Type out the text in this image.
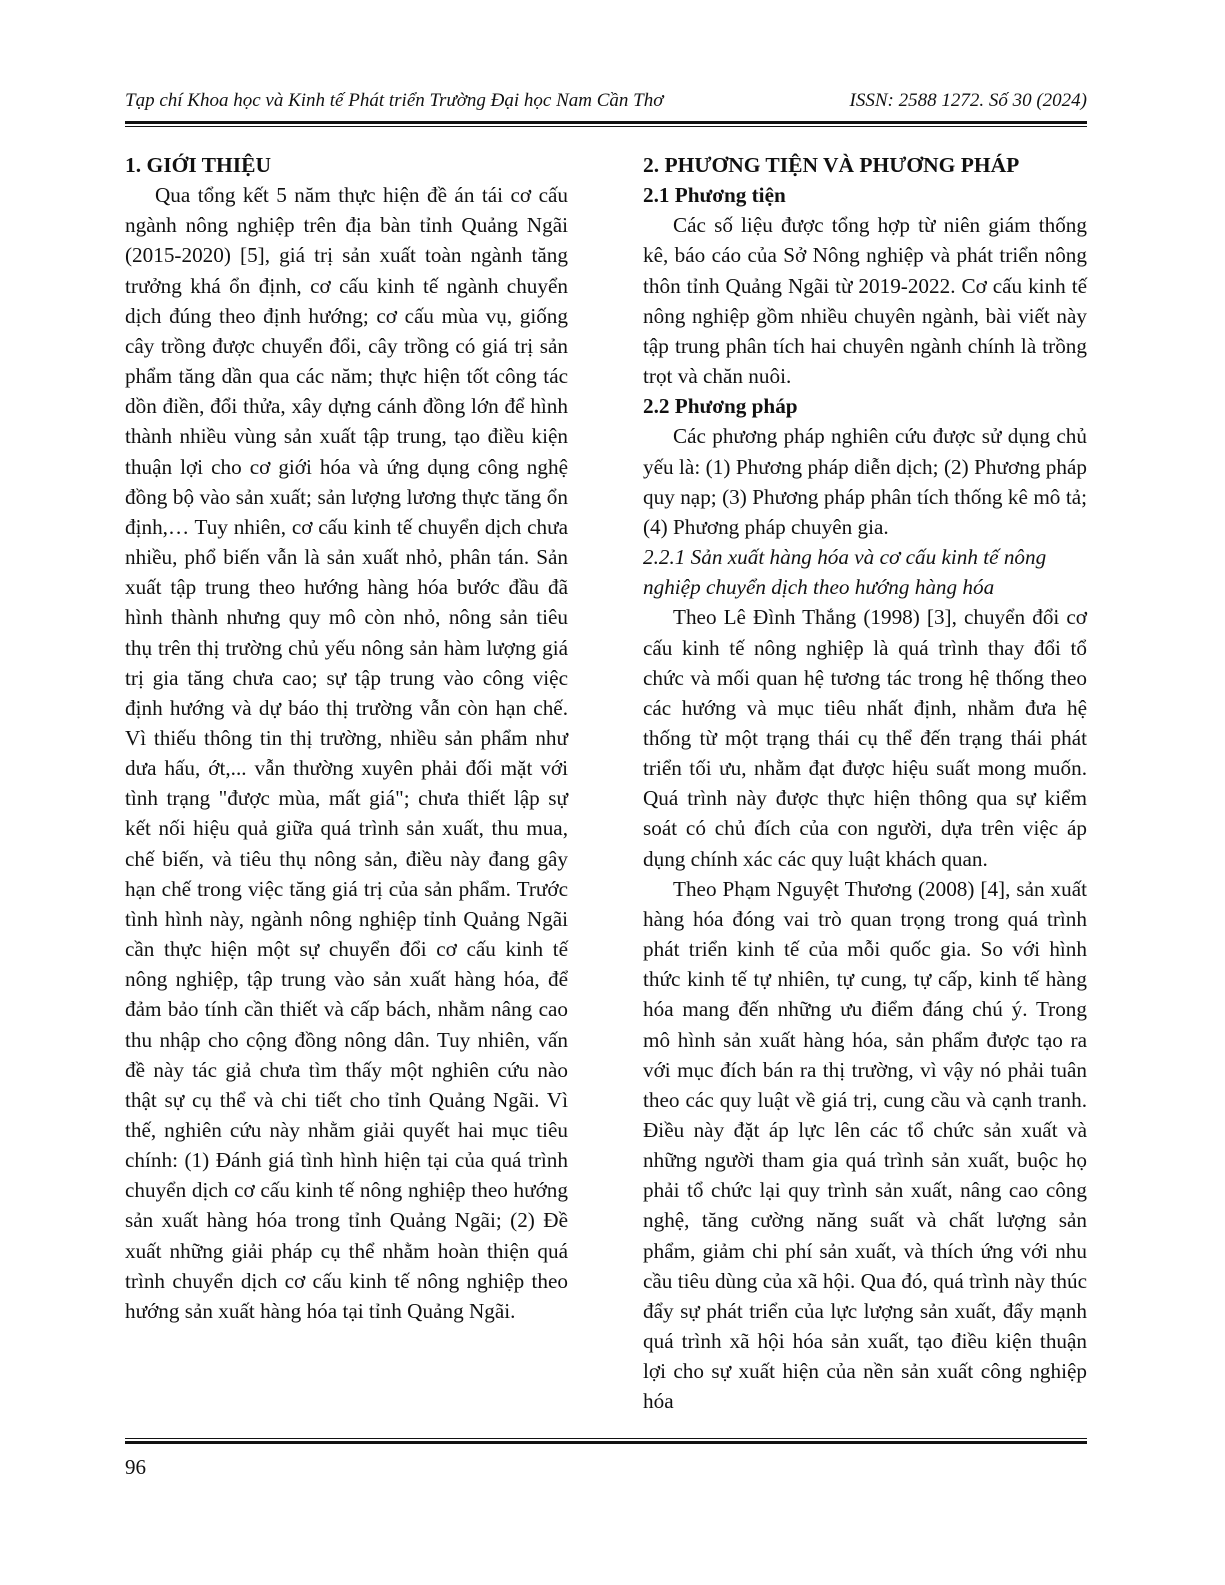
Tạp chí Khoa học và Kinh tế Phát triển Trường Đại học Nam Cần Thơ	ISSN: 2588 1272. Số 30 (2024)
1. GIỚI THIỆU

Qua tổng kết 5 năm thực hiện đề án tái cơ cấu ngành nông nghiệp trên địa bàn tỉnh Quảng Ngãi (2015-2020) [5], giá trị sản xuất toàn ngành tăng trưởng khá ổn định, cơ cấu kinh tế ngành chuyển dịch đúng theo định hướng; cơ cấu mùa vụ, giống cây trồng được chuyển đổi, cây trồng có giá trị sản phẩm tăng dần qua các năm; thực hiện tốt công tác dồn điền, đổi thửa, xây dựng cánh đồng lớn để hình thành nhiều vùng sản xuất tập trung, tạo điều kiện thuận lợi cho cơ giới hóa và ứng dụng công nghệ đồng bộ vào sản xuất; sản lượng lương thực tăng ổn định,… Tuy nhiên, cơ cấu kinh tế chuyển dịch chưa nhiều, phổ biến vẫn là sản xuất nhỏ, phân tán. Sản xuất tập trung theo hướng hàng hóa bước đầu đã hình thành nhưng quy mô còn nhỏ, nông sản tiêu thụ trên thị trường chủ yếu nông sản hàm lượng giá trị gia tăng chưa cao; sự tập trung vào công việc định hướng và dự báo thị trường vẫn còn hạn chế. Vì thiếu thông tin thị trường, nhiều sản phẩm như dưa hấu, ớt,... vẫn thường xuyên phải đối mặt với tình trạng "được mùa, mất giá"; chưa thiết lập sự kết nối hiệu quả giữa quá trình sản xuất, thu mua, chế biến, và tiêu thụ nông sản, điều này đang gây hạn chế trong việc tăng giá trị của sản phẩm. Trước tình hình này, ngành nông nghiệp tỉnh Quảng Ngãi cần thực hiện một sự chuyển đổi cơ cấu kinh tế nông nghiệp, tập trung vào sản xuất hàng hóa, để đảm bảo tính cần thiết và cấp bách, nhằm nâng cao thu nhập cho cộng đồng nông dân. Tuy nhiên, vấn đề này tác giả chưa tìm thấy một nghiên cứu nào thật sự cụ thể và chi tiết cho tỉnh Quảng Ngãi. Vì thế, nghiên cứu này nhằm giải quyết hai mục tiêu chính: (1) Đánh giá tình hình hiện tại của quá trình chuyển dịch cơ cấu kinh tế nông nghiệp theo hướng sản xuất hàng hóa trong tỉnh Quảng Ngãi; (2) Đề xuất những giải pháp cụ thể nhằm hoàn thiện quá trình chuyển dịch cơ cấu kinh tế nông nghiệp theo hướng sản xuất hàng hóa tại tỉnh Quảng Ngãi.

2. PHƯƠNG TIỆN VÀ PHƯƠNG PHÁP
2.1 Phương tiện

Các số liệu được tổng hợp từ niên giám thống kê, báo cáo của Sở Nông nghiệp và phát triển nông thôn tỉnh Quảng Ngãi từ 2019-2022. Cơ cấu kinh tế nông nghiệp gồm nhiều chuyên ngành, bài viết này tập trung phân tích hai chuyên ngành chính là trồng trọt và chăn nuôi.

2.2 Phương pháp

Các phương pháp nghiên cứu được sử dụng chủ yếu là: (1) Phương pháp diễn dịch; (2) Phương pháp quy nạp; (3) Phương pháp phân tích thống kê mô tả; (4) Phương pháp chuyên gia.

2.2.1 Sản xuất hàng hóa và cơ cấu kinh tế nông nghiệp chuyển dịch theo hướng hàng hóa

Theo Lê Đình Thắng (1998) [3], chuyển đổi cơ cấu kinh tế nông nghiệp là quá trình thay đổi tổ chức và mối quan hệ tương tác trong hệ thống theo các hướng và mục tiêu nhất định, nhằm đưa hệ thống từ một trạng thái cụ thể đến trạng thái phát triển tối ưu, nhằm đạt được hiệu suất mong muốn. Quá trình này được thực hiện thông qua sự kiểm soát có chủ đích của con người, dựa trên việc áp dụng chính xác các quy luật khách quan.

Theo Phạm Nguyệt Thương (2008) [4], sản xuất hàng hóa đóng vai trò quan trọng trong quá trình phát triển kinh tế của mỗi quốc gia. So với hình thức kinh tế tự nhiên, tự cung, tự cấp, kinh tế hàng hóa mang đến những ưu điểm đáng chú ý. Trong mô hình sản xuất hàng hóa, sản phẩm được tạo ra với mục đích bán ra thị trường, vì vậy nó phải tuân theo các quy luật về giá trị, cung cầu và cạnh tranh. Điều này đặt áp lực lên các tổ chức sản xuất và những người tham gia quá trình sản xuất, buộc họ phải tổ chức lại quy trình sản xuất, nâng cao công nghệ, tăng cường năng suất và chất lượng sản phẩm, giảm chi phí sản xuất, và thích ứng với nhu cầu tiêu dùng của xã hội. Qua đó, quá trình này thúc đẩy sự phát triển của lực lượng sản xuất, đẩy mạnh quá trình xã hội hóa sản xuất, tạo điều kiện thuận lợi cho sự xuất hiện của nền sản xuất công nghiệp hóa

96
